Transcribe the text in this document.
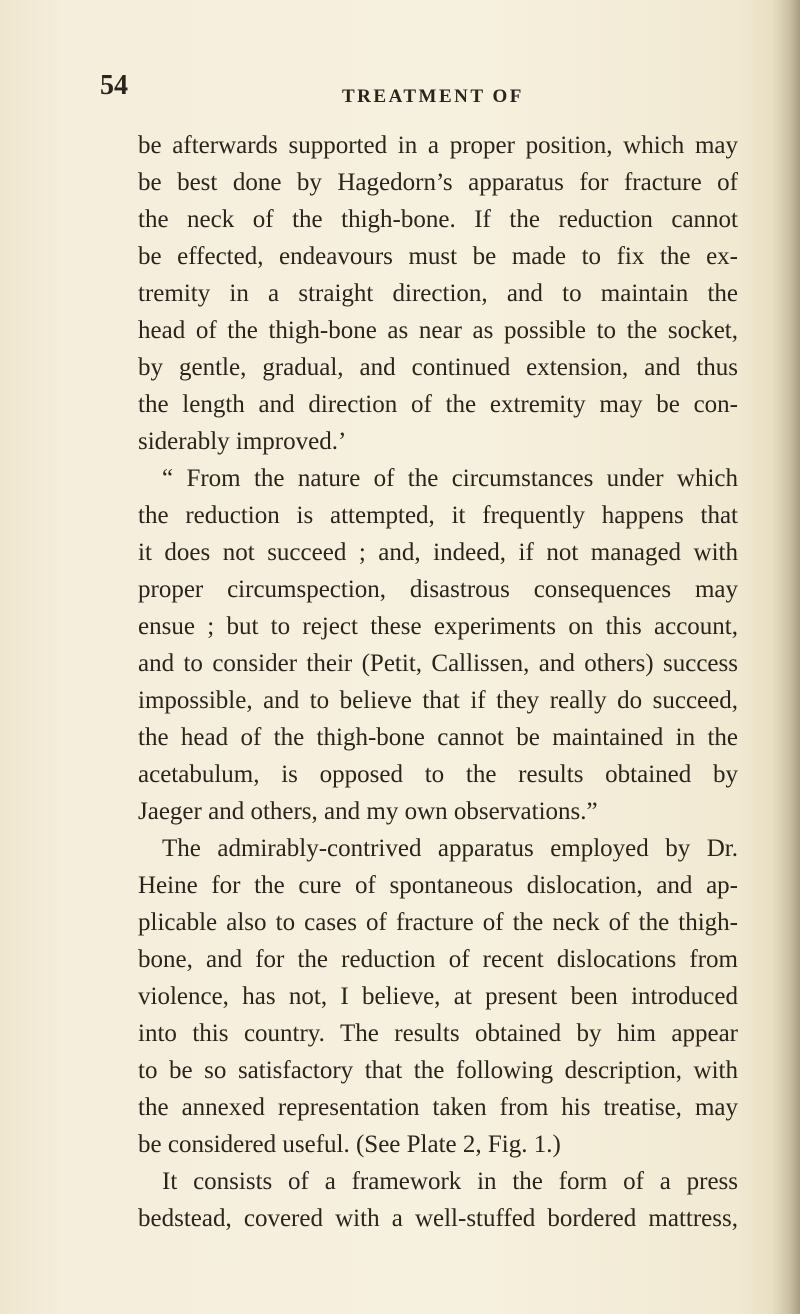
54	TREATMENT OF
be afterwards supported in a proper position, which may
be best done by Hagedorn’s apparatus for fracture of
the neck of the thigh-bone. If the reduction cannot
be effected, endeavours must be made to fix the ex-
tremity in a straight direction, and to maintain the
head of the thigh-bone as near as possible to the socket,
by gentle, gradual, and continued extension, and thus
the length and direction of the extremity may be con-
siderably improved.’
“ From the nature of the circumstances under which
the reduction is attempted, it frequently happens that
it does not succeed ; and, indeed, if not managed with
proper circumspection, disastrous consequences may
ensue ; but to reject these experiments on this account,
and to consider their (Petit, Callissen, and others) success
impossible, and to believe that if they really do succeed,
the head of the thigh-bone cannot be maintained in the
acetabulum, is opposed to the results obtained by
Jaeger and others, and my own observations.”
The admirably-contrived apparatus employed by Dr.
Heine for the cure of spontaneous dislocation, and ap-
plicable also to cases of fracture of the neck of the thigh-
bone, and for the reduction of recent dislocations from
violence, has not, I believe, at present been introduced
into this country. The results obtained by him appear
to be so satisfactory that the following description, with
the annexed representation taken from his treatise, may
be considered useful. (See Plate 2, Fig. 1.)
It consists of a framework in the form of a press
bedstead, covered with a well-stuffed bordered mattress,
